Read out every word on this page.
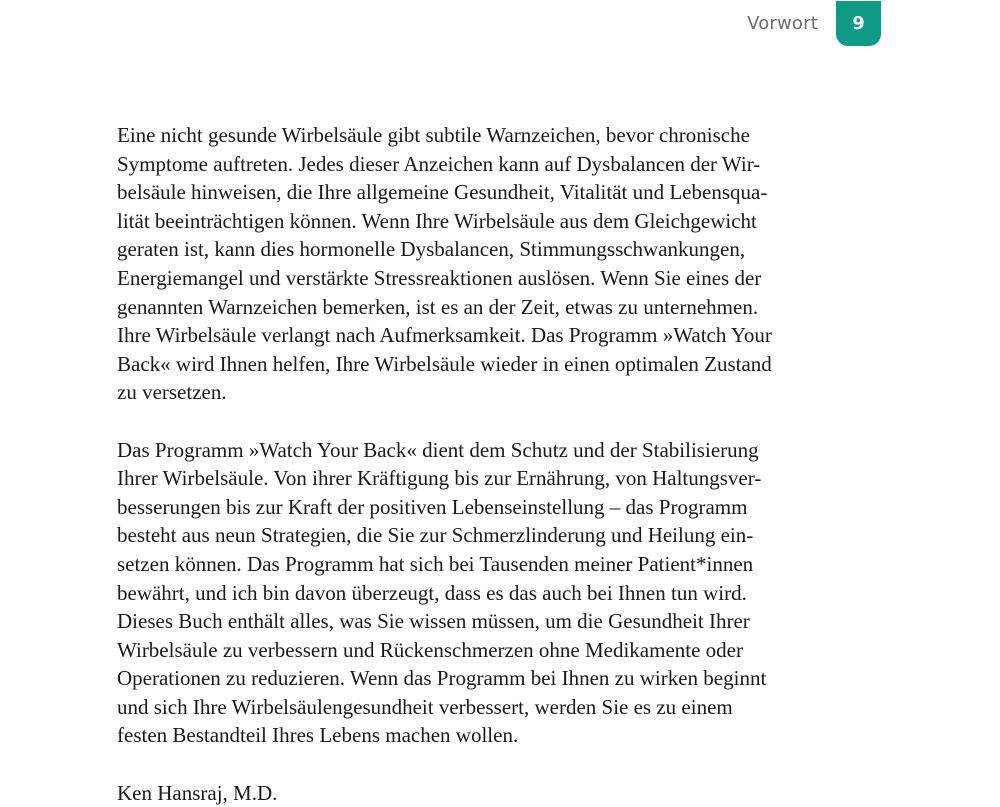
Vorwort 9

Eine nicht gesunde Wirbelsäule gibt subtile Warnzeichen, bevor chronische
Symptome auftreten. Jedes dieser Anzeichen kann auf Dysbalancen der Wir-
belsäule hinweisen, die Ihre allgemeine Gesundheit, Vitalität und Lebensqua-
lität beeinträchtigen können. Wenn Ihre Wirbelsäule aus dem Gleichgewicht
geraten ist, kann dies hormonelle Dysbalancen, Stimmungsschwankungen,
Energiemangel und verstärkte Stressreaktionen auslösen. Wenn Sie eines der
genannten Warnzeichen bemerken, ist es an der Zeit, etwas zu unternehmen.
Ihre Wirbelsäule verlangt nach Aufmerksamkeit. Das Programm »Watch Your
Back« wird Ihnen helfen, Ihre Wirbelsäule wieder in einen optimalen Zustand
zu versetzen.

Das Programm »Watch Your Back« dient dem Schutz und der Stabilisierung
Ihrer Wirbelsäule. Von ihrer Kräftigung bis zur Ernährung, von Haltungsver-
besserungen bis zur Kraft der positiven Lebenseinstellung – das Programm
besteht aus neun Strategien, die Sie zur Schmerzlinderung und Heilung ein-
setzen können. Das Programm hat sich bei Tausenden meiner Patient*innen
bewährt, und ich bin davon überzeugt, dass es das auch bei Ihnen tun wird.
Dieses Buch enthält alles, was Sie wissen müssen, um die Gesundheit Ihrer
Wirbelsäule zu verbessern und Rückenschmerzen ohne Medikamente oder
Operationen zu reduzieren. Wenn das Programm bei Ihnen zu wirken beginnt
und sich Ihre Wirbelsäulengesundheit verbessert, werden Sie es zu einem
festen Bestandteil Ihres Lebens machen wollen.

Ken Hansraj, M.D.
